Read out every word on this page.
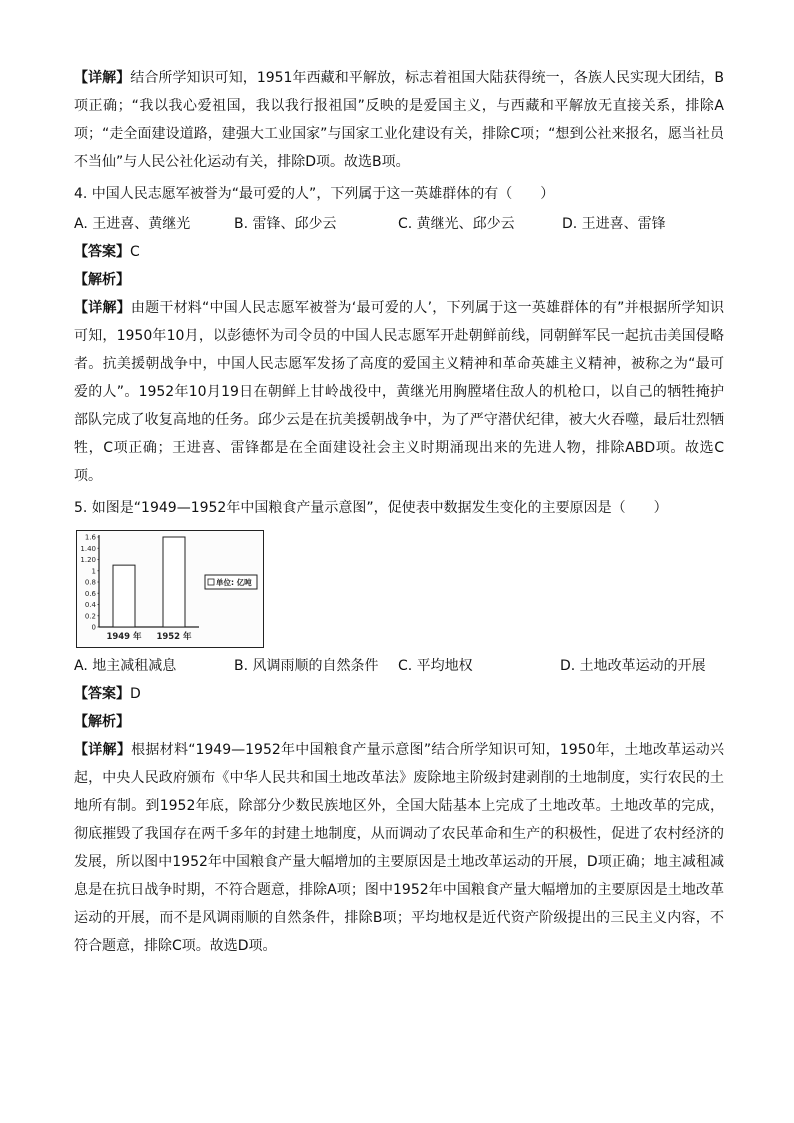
【详解】结合所学知识可知，1951年西藏和平解放，标志着祖国大陆获得统一，各族人民实现大团结，B项正确；“我以我心爱祖国，我以我行报祖国”反映的是爱国主义，与西藏和平解放无直接关系，排除A项；“走全面建设道路，建强大工业国家”与国家工业化建设有关，排除C项；“想到公社来报名，愿当社员不当仙”与人民公社化运动有关，排除D项。故选B项。

4. 中国人民志愿军被誉为“最可爱的人”，下列属于这一英雄群体的有（　　）

A. 王进喜、黄继光	B. 雷锋、邱少云	C. 黄继光、邱少云	D. 王进喜、雷锋

【答案】C

【解析】

【详解】由题干材料“中国人民志愿军被誉为‘最可爱的人’，下列属于这一英雄群体的有”并根据所学知识可知，1950年10月，以彭德怀为司令员的中国人民志愿军开赴朝鲜前线，同朝鲜军民一起抗击美国侵略者。抗美援朝战争中，中国人民志愿军发扬了高度的爱国主义精神和革命英雄主义精神，被称之为“最可爱的人”。1952年10月19日在朝鲜上甘岭战役中，黄继光用胸膛堵住敌人的机枪口，以自己的牺牲掩护部队完成了收复高地的任务。邱少云是在抗美援朝战争中，为了严守潜伏纪律，被大火吞噬，最后壮烈牺牲，C项正确；王进喜、雷锋都是在全面建设社会主义时期涌现出来的先进人物，排除ABD项。故选C项。

5. 如图是“1949—1952年中国粮食产量示意图”，促使表中数据发生变化的主要原因是（　　）

0
0.2
0.4
0.6
0.8
1
1.20
1.40
1.6
1949 年 1952 年
单位: 亿吨
A. 地主减租减息	B. 风调雨顺的自然条件	C. 平均地权	D. 土地改革运动的开展

【答案】D

【解析】

【详解】根据材料“1949—1952年中国粮食产量示意图”结合所学知识可知，1950年，土地改革运动兴起，中央人民政府颁布《中华人民共和国土地改革法》废除地主阶级封建剥削的土地制度，实行农民的土地所有制。到1952年底，除部分少数民族地区外，全国大陆基本上完成了土地改革。土地改革的完成，彻底摧毁了我国存在两千多年的封建土地制度，从而调动了农民革命和生产的积极性，促进了农村经济的发展，所以图中1952年中国粮食产量大幅增加的主要原因是土地改革运动的开展，D项正确；地主减租减息是在抗日战争时期，不符合题意，排除A项；图中1952年中国粮食产量大幅增加的主要原因是土地改革运动的开展，而不是风调雨顺的自然条件，排除B项；平均地权是近代资产阶级提出的三民主义内容，不符合题意，排除C项。故选D项。
